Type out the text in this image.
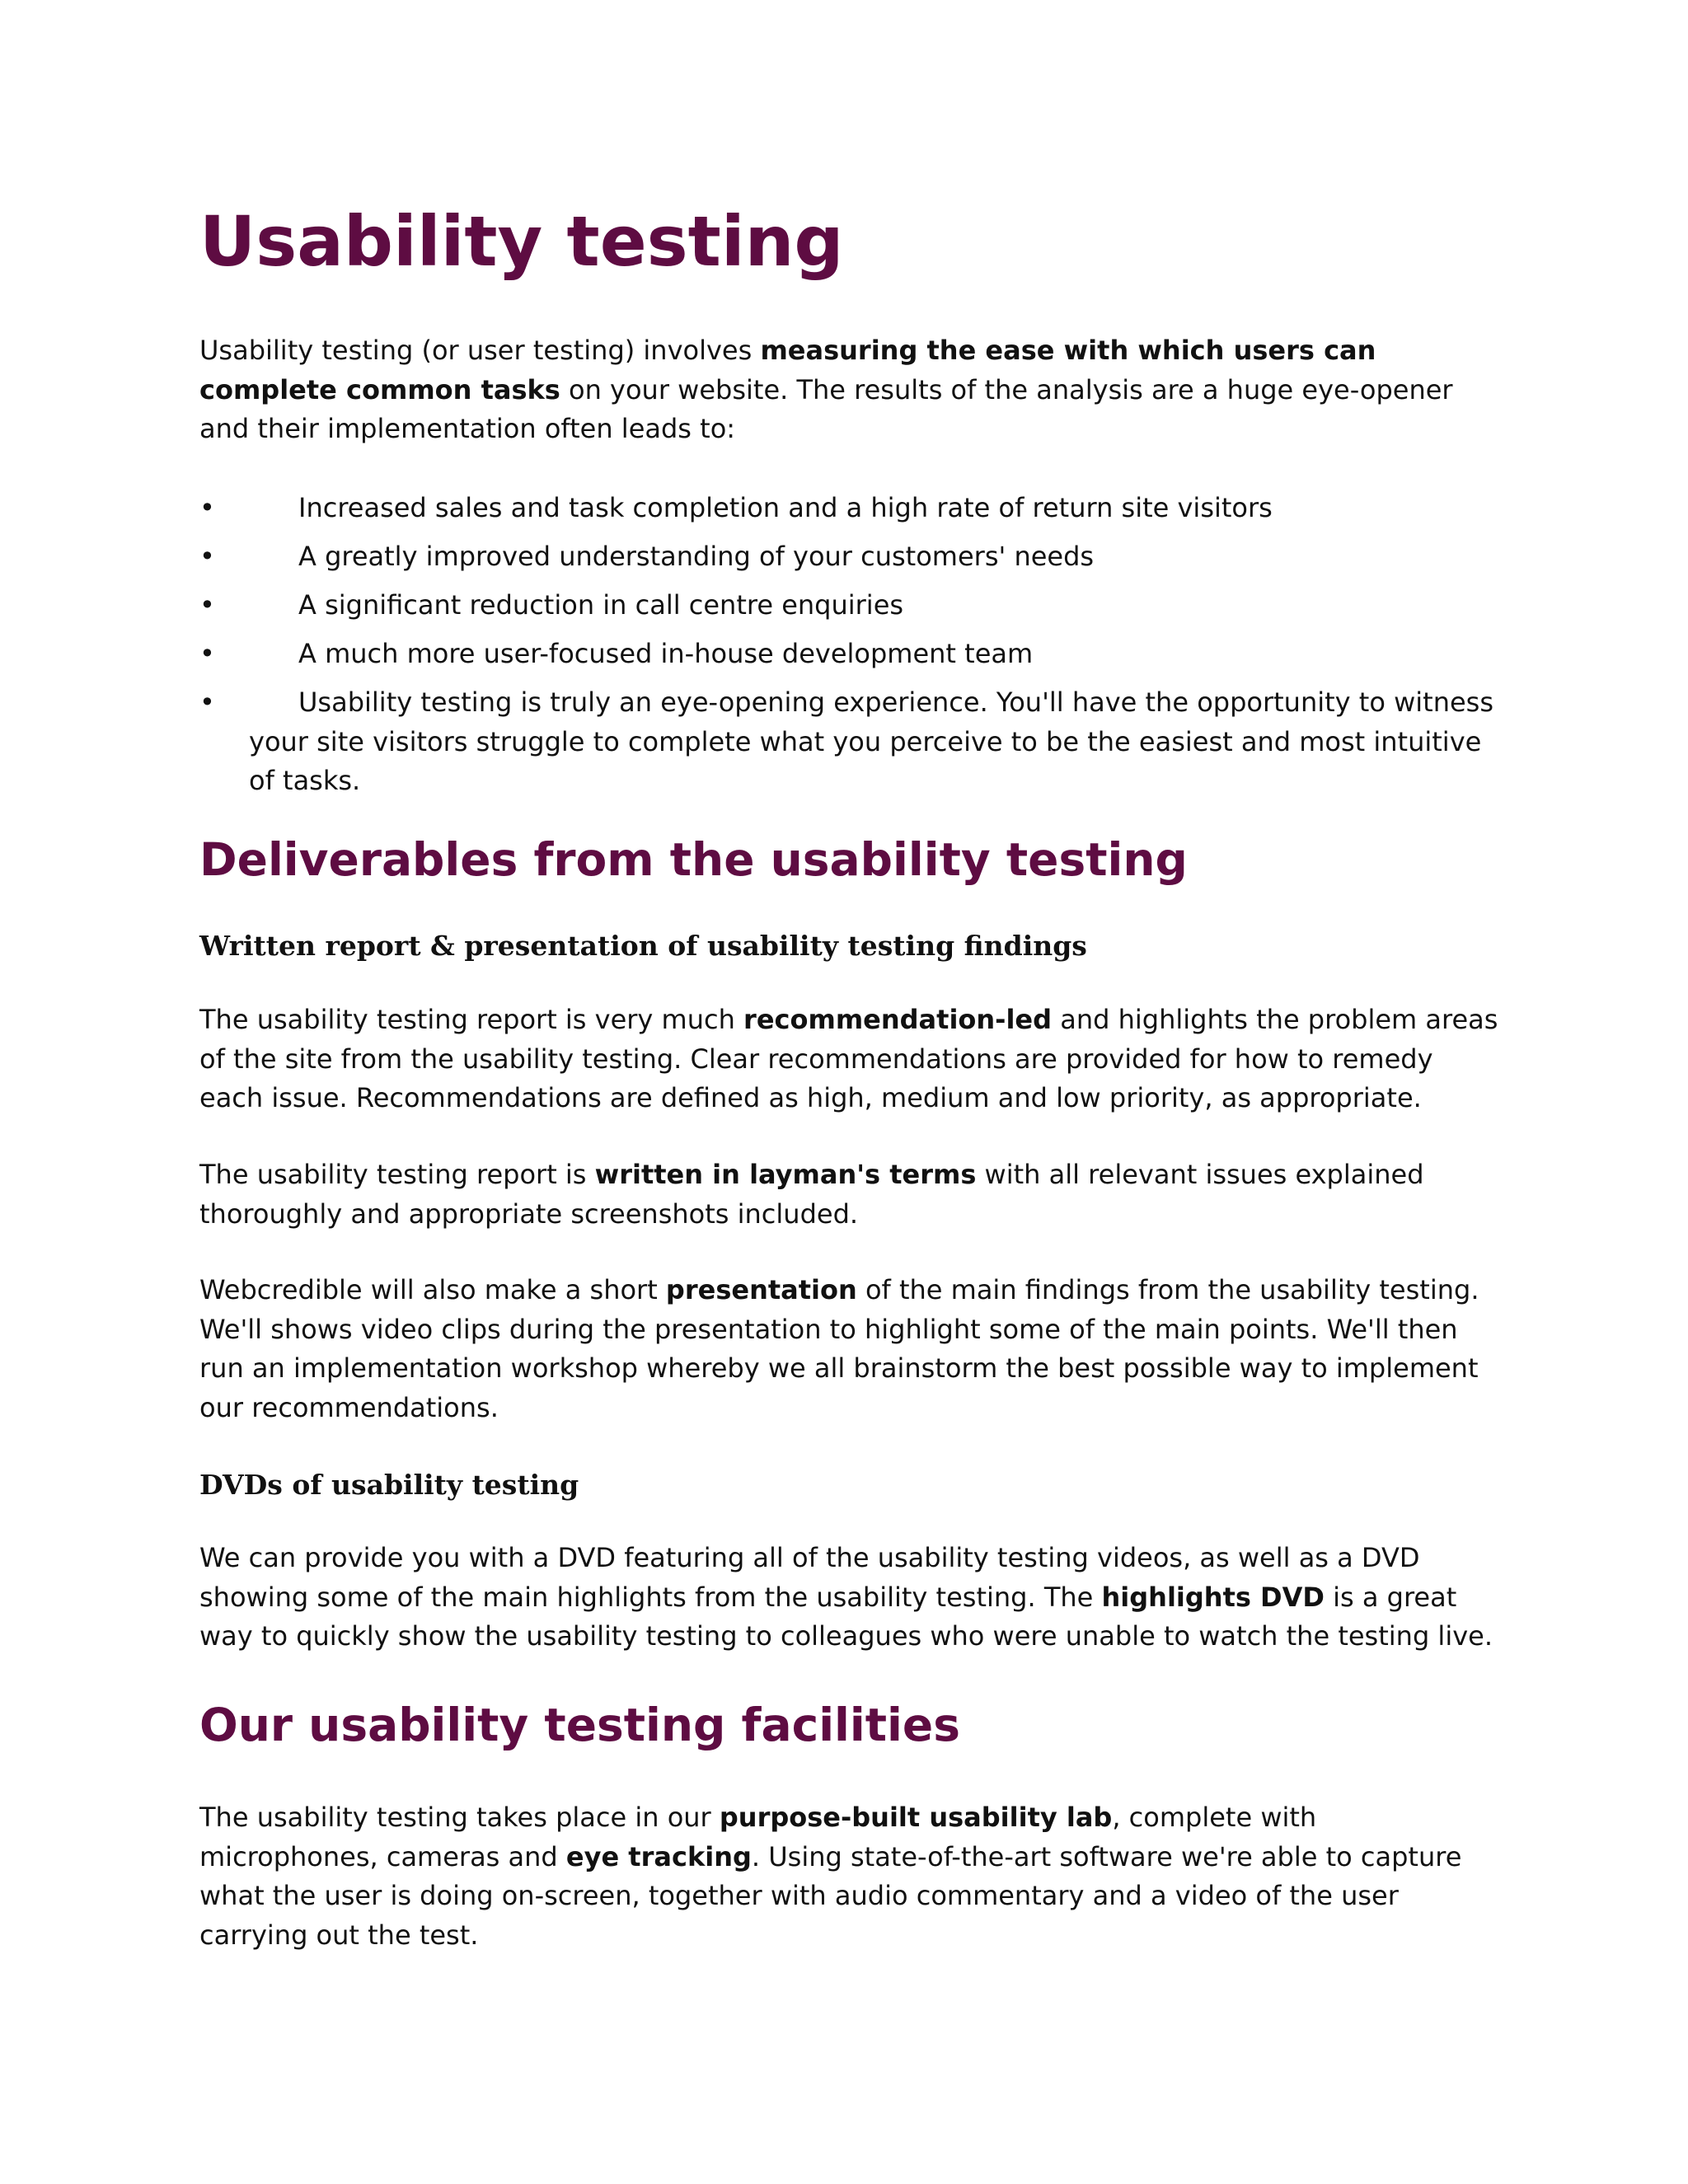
Usability testing

Usability testing (or user testing) involves measuring the ease with which users can complete common tasks on your website. The results of the analysis are a huge eye-opener and their implementation often leads to:

•	Increased sales and task completion and a high rate of return site visitors
•	A greatly improved understanding of your customers' needs
•	A significant reduction in call centre enquiries
•	A much more user-focused in-house development team
•	Usability testing is truly an eye-opening experience. You'll have the opportunity to witness your site visitors struggle to complete what you perceive to be the easiest and most intuitive of tasks.
Deliverables from the usability testing
Written report & presentation of usability testing findings

The usability testing report is very much recommendation-led and highlights the problem areas of the site from the usability testing. Clear recommendations are provided for how to remedy each issue. Recommendations are defined as high, medium and low priority, as appropriate.

The usability testing report is written in layman's terms with all relevant issues explained thoroughly and appropriate screenshots included.

Webcredible will also make a short presentation of the main findings from the usability testing. We'll shows video clips during the presentation to highlight some of the main points. We'll then run an implementation workshop whereby we all brainstorm the best possible way to implement our recommendations.

DVDs of usability testing

We can provide you with a DVD featuring all of the usability testing videos, as well as a DVD showing some of the main highlights from the usability testing. The highlights DVD is a great way to quickly show the usability testing to colleagues who were unable to watch the testing live.

Our usability testing facilities

The usability testing takes place in our purpose-built usability lab, complete with microphones, cameras and eye tracking. Using state-of-the-art software we're able to capture what the user is doing on-screen, together with audio commentary and a video of the user carrying out the test.
